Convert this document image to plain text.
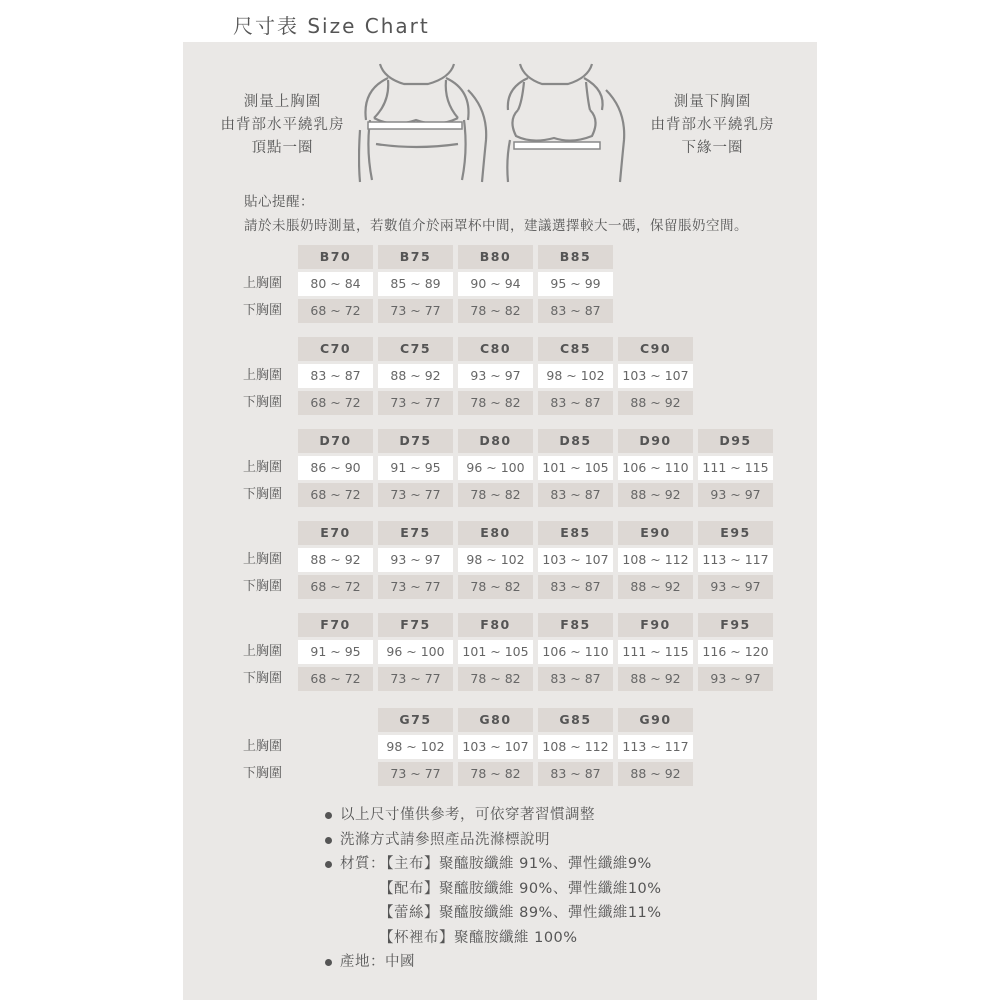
尺寸表 Size Chart
測量上胸圍
由背部水平繞乳房
頂點一圈
測量下胸圍
由背部水平繞乳房
下緣一圈
貼心提醒：
請於未脹奶時測量，若數值介於兩罩杯中間，建議選擇較大一碼，保留脹奶空間。
上胸圍
下胸圍
B70
80 ~ 84
68 ~ 72
B75
85 ~ 89
73 ~ 77
B80
90 ~ 94
78 ~ 82
B85
95 ~ 99
83 ~ 87
上胸圍
下胸圍
C70
83 ~ 87
68 ~ 72
C75
88 ~ 92
73 ~ 77
C80
93 ~ 97
78 ~ 82
C85
98 ~ 102
83 ~ 87
C90
103 ~ 107
88 ~ 92
上胸圍
下胸圍
D70
86 ~ 90
68 ~ 72
D75
91 ~ 95
73 ~ 77
D80
96 ~ 100
78 ~ 82
D85
101 ~ 105
83 ~ 87
D90
106 ~ 110
88 ~ 92
D95
111 ~ 115
93 ~ 97
上胸圍
下胸圍
E70
88 ~ 92
68 ~ 72
E75
93 ~ 97
73 ~ 77
E80
98 ~ 102
78 ~ 82
E85
103 ~ 107
83 ~ 87
E90
108 ~ 112
88 ~ 92
E95
113 ~ 117
93 ~ 97
上胸圍
下胸圍
F70
91 ~ 95
68 ~ 72
F75
96 ~ 100
73 ~ 77
F80
101 ~ 105
78 ~ 82
F85
106 ~ 110
83 ~ 87
F90
111 ~ 115
88 ~ 92
F95
116 ~ 120
93 ~ 97
上胸圍
下胸圍
G75
98 ~ 102
73 ~ 77
G80
103 ~ 107
78 ~ 82
G85
108 ~ 112
83 ~ 87
G90
113 ~ 117
88 ~ 92
以上尺寸僅供參考，可依穿著習慣調整
洗滌方式請參照產品洗滌標說明
材質：
【主布】聚醯胺纖維 91%、彈性纖維9%
【配布】聚醯胺纖維 90%、彈性纖維10%
【蕾絲】聚醯胺纖維 89%、彈性纖維11%
【杯裡布】聚醯胺纖維 100%
產地：中國
